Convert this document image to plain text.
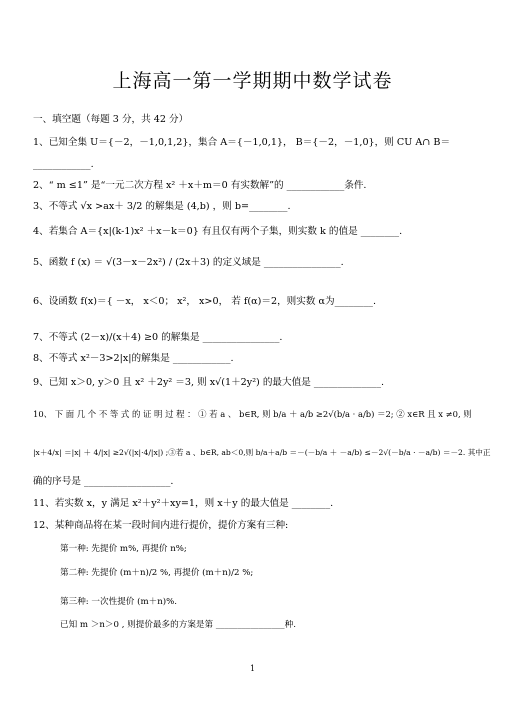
上海高一第一学期期中数学试卷
一、填空题（每题 3 分，共 42 分）
1、已知全集 U＝{－2，－1,0,1,2}，集合 A＝{－1,0,1}， B＝{－2，－1,0}，则 CU A∩ B＝
____________.
2、“ m ≤1” 是“一元二次方程 x² ＋x＋m＝0 有实数解”的 ____________条件.
3、不等式 √x >ax＋ 3/2 的解集是 (4,b) ，则 b=________.
4、若集合 A＝{x|(k-1)x² ＋x－k＝0} 有且仅有两个子集，则实数 k 的值是 ________.
5、函数 f (x) ＝ √(3－x－2x²) / (2x＋3) 的定义域是 ________________.
6、设函数 f(x)＝{ －x， x＜0； x²， x>0， 若 f(α)＝2，则实数 α为________.
7、不等式 (2－x)/(x＋4) ≥0 的解集是 ________________.
8、不等式 x²－3>2|x|的解集是 ____________.
9、已知 x＞0, y＞0 且 x² ＋2y² ＝3, 则 x√(1＋2y²) 的最大值是 ______________.
10、 下 面 几 个 不 等 式 的 证 明 过 程 ： ① 若 a 、 b∈R, 则 b/a ＋ a/b ≥2√(b/a · a/b) ＝2; ② x∈R 且 x ≠0, 则
|x＋4/x| ＝|x| ＋ 4/|x| ≥2√(|x|·4/|x|) ;③若 a 、b∈R, ab＜0,则 b/a＋a/b ＝－(－b/a ＋ －a/b) ≤－2√(－b/a · －a/b) ＝－2. 其中正
确的序号是 __________________.
11、若实数 x，y 满足 x²＋y²＋xy=1，则 x＋y 的最大值是 ________.
12、某种商品将在某一段时间内进行提价，提价方案有三种:
第一种: 先提价 m%, 再提价 n%;
第二种: 先提价 (m＋n)/2 %, 再提价 (m＋n)/2 %;
第三种: 一次性提价 (m＋n)%.
已知 m ＞n＞0 , 则提价最多的方案是第 ________________种.
1
